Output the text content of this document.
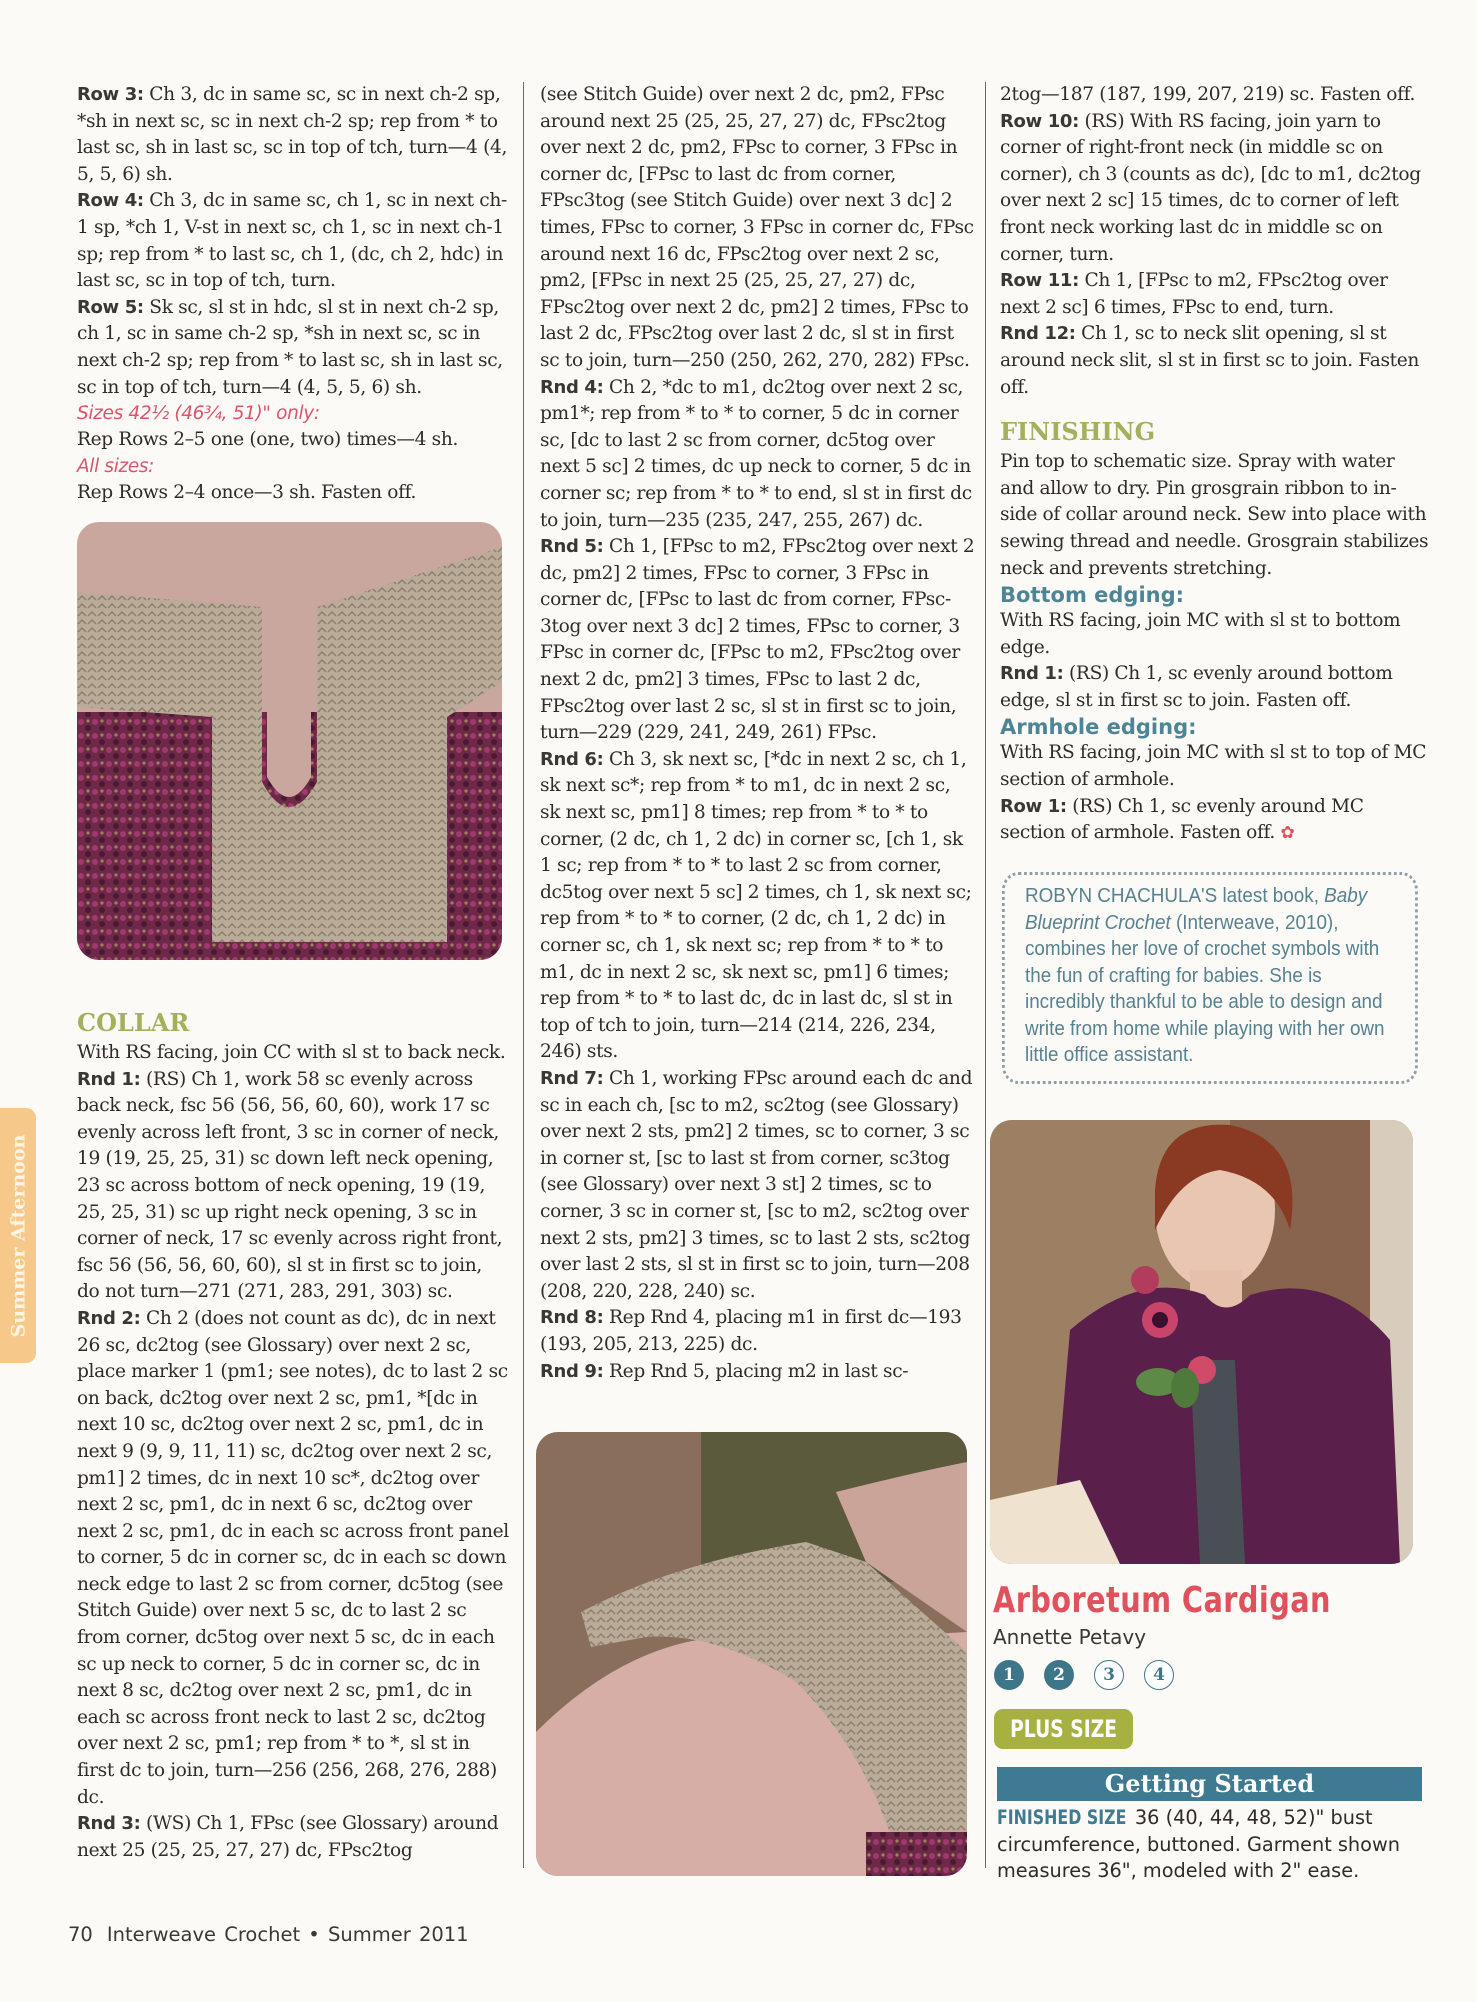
Summer Afternoon

Row 3: Ch 3, dc in same sc, sc in next ch-2 sp, *sh in next sc, sc in next ch-2 sp; rep from * to last sc, sh in last sc, sc in top of tch, turn—4 (4, 5, 5, 6) sh.

Row 4: Ch 3, dc in same sc, ch 1, sc in next ch-1 sp, *ch 1, V-st in next sc, ch 1, sc in next ch-1 sp; rep from * to last sc, ch 1, (dc, ch 2, hdc) in last sc, sc in top of tch, turn.

Row 5: Sk sc, sl st in hdc, sl st in next ch-2 sp, ch 1, sc in same ch-2 sp, *sh in next sc, sc in next ch-2 sp; rep from * to last sc, sh in last sc, sc in top of tch, turn—4 (4, 5, 5, 6) sh.

Sizes 42½ (46¾, 51)" only:

Rep Rows 2–5 one (one, two) times—4 sh.

All sizes:

Rep Rows 2–4 once—3 sh. Fasten off.

COLLAR

With RS facing, join CC with sl st to back neck.

Rnd 1: (RS) Ch 1, work 58 sc evenly across back neck, fsc 56 (56, 56, 60, 60), work 17 sc evenly across left front, 3 sc in corner of neck, 19 (19, 25, 25, 31) sc down left neck opening, 23 sc across bottom of neck opening, 19 (19, 25, 25, 31) sc up right neck opening, 3 sc in corner of neck, 17 sc evenly across right front, fsc 56 (56, 56, 60, 60), sl st in first sc to join, do not turn—271 (271, 283, 291, 303) sc.

Rnd 2: Ch 2 (does not count as dc), dc in next 26 sc, dc2tog (see Glossary) over next 2 sc, place marker 1 (pm1; see notes), dc to last 2 sc on back, dc2tog over next 2 sc, pm1, *[dc in next 10 sc, dc2tog over next 2 sc, pm1, dc in next 9 (9, 9, 11, 11) sc, dc2tog over next 2 sc, pm1] 2 times, dc in next 10 sc*, dc2tog over next 2 sc, pm1, dc in next 6 sc, dc2tog over next 2 sc, pm1, dc in each sc across front panel to corner, 5 dc in corner sc, dc in each sc down neck edge to last 2 sc from corner, dc5tog (see Stitch Guide) over next 5 sc, dc to last 2 sc from corner, dc5tog over next 5 sc, dc in each sc up neck to corner, 5 dc in corner sc, dc in next 8 sc, dc2tog over next 2 sc, pm1, dc in each sc across front neck to last 2 sc, dc2tog over next 2 sc, pm1; rep from * to *, sl st in first dc to join, turn—256 (256, 268, 276, 288) dc.

Rnd 3: (WS) Ch 1, FPsc (see Glossary) around next 25 (25, 25, 27, 27) dc, FPsc2tog

(see Stitch Guide) over next 2 dc, pm2, FPsc around next 25 (25, 25, 27, 27) dc, FPsc2tog over next 2 dc, pm2, FPsc to corner, 3 FPsc in corner dc, [FPsc to last dc from corner, FPsc3tog (see Stitch Guide) over next 3 dc] 2 times, FPsc to corner, 3 FPsc in corner dc, FPsc around next 16 dc, FPsc2tog over next 2 sc, pm2, [FPsc in next 25 (25, 25, 27, 27) dc, FPsc2tog over next 2 dc, pm2] 2 times, FPsc to last 2 dc, FPsc2tog over last 2 dc, sl st in first sc to join, turn—250 (250, 262, 270, 282) FPsc.

Rnd 4: Ch 2, *dc to m1, dc2tog over next 2 sc, pm1*; rep from * to * to corner, 5 dc in corner sc, [dc to last 2 sc from corner, dc5tog over next 5 sc] 2 times, dc up neck to corner, 5 dc in corner sc; rep from * to * to end, sl st in first dc to join, turn—235 (235, 247, 255, 267) dc.

Rnd 5: Ch 1, [FPsc to m2, FPsc2tog over next 2 dc, pm2] 2 times, FPsc to corner, 3 FPsc in corner dc, [FPsc to last dc from corner, FPsc-3tog over next 3 dc] 2 times, FPsc to corner, 3 FPsc in corner dc, [FPsc to m2, FPsc2tog over next 2 dc, pm2] 3 times, FPsc to last 2 dc, FPsc2tog over last 2 sc, sl st in first sc to join, turn—229 (229, 241, 249, 261) FPsc.

Rnd 6: Ch 3, sk next sc, [*dc in next 2 sc, ch 1, sk next sc*; rep from * to m1, dc in next 2 sc, sk next sc, pm1] 8 times; rep from * to * to corner, (2 dc, ch 1, 2 dc) in corner sc, [ch 1, sk 1 sc; rep from * to * to last 2 sc from corner, dc5tog over next 5 sc] 2 times, ch 1, sk next sc; rep from * to * to corner, (2 dc, ch 1, 2 dc) in corner sc, ch 1, sk next sc; rep from * to * to m1, dc in next 2 sc, sk next sc, pm1] 6 times; rep from * to * to last dc, dc in last dc, sl st in top of tch to join, turn—214 (214, 226, 234, 246) sts.

Rnd 7: Ch 1, working FPsc around each dc and sc in each ch, [sc to m2, sc2tog (see Glossary) over next 2 sts, pm2] 2 times, sc to corner, 3 sc in corner st, [sc to last st from corner, sc3tog (see Glossary) over next 3 st] 2 times, sc to corner, 3 sc in corner st, [sc to m2, sc2tog over next 2 sts, pm2] 3 times, sc to last 2 sts, sc2tog over last 2 sts, sl st in first sc to join, turn—208 (208, 220, 228, 240) sc.

Rnd 8: Rep Rnd 4, placing m1 in first dc—193 (193, 205, 213, 225) dc.

Rnd 9: Rep Rnd 5, placing m2 in last sc-

2tog—187 (187, 199, 207, 219) sc. Fasten off.

Row 10: (RS) With RS facing, join yarn to corner of right-front neck (in middle sc on corner), ch 3 (counts as dc), [dc to m1, dc2tog over next 2 sc] 15 times, dc to corner of left front neck working last dc in middle sc on corner, turn.

Row 11: Ch 1, [FPsc to m2, FPsc2tog over next 2 sc] 6 times, FPsc to end, turn.

Rnd 12: Ch 1, sc to neck slit opening, sl st around neck slit, sl st in first sc to join. Fasten off.

FINISHING

Pin top to schematic size. Spray with water and allow to dry. Pin grosgrain ribbon to in-side of collar around neck. Sew into place with sewing thread and needle. Grosgrain stabilizes neck and prevents stretching.

Bottom edging:

With RS facing, join MC with sl st to bottom edge.

Rnd 1: (RS) Ch 1, sc evenly around bottom edge, sl st in first sc to join. Fasten off.

Armhole edging:

With RS facing, join MC with sl st to top of MC section of armhole.

Row 1: (RS) Ch 1, sc evenly around MC section of armhole. Fasten off. ✿

ROBYN CHACHULA'S latest book, Baby Blueprint Crochet (Interweave, 2010), combines her love of crochet symbols with the fun of crafting for babies. She is incredibly thankful to be able to design and write from home while playing with her own little office assistant.
Arboretum Cardigan
Annette Petavy
1	2	3	4
PLUS SIZE
Getting Started
FINISHED SIZE 36 (40, 44, 48, 52)" bust circumference, buttoned. Garment shown measures 36", modeled with 2" ease.
70 Interweave Crochet • Summer 2011
